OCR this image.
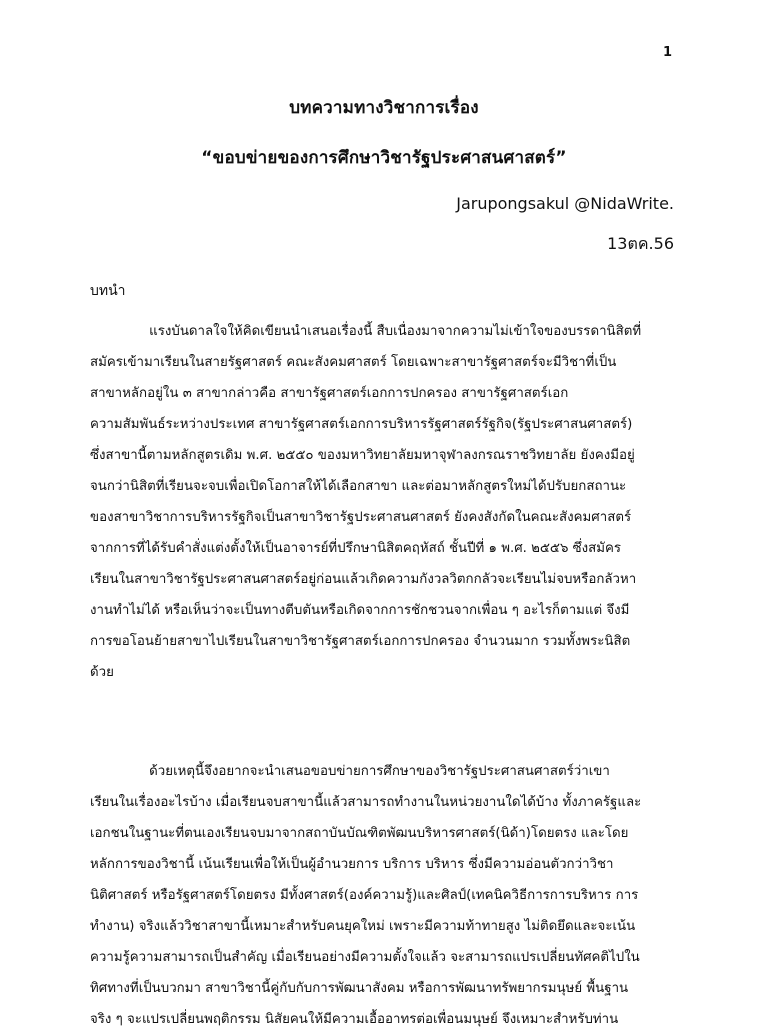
1
บทความทางวิชาการเรื่อง
“ขอบข่ายของการศึกษาวิชารัฐประศาสนศาสตร์”
Jarupongsakul @NidaWrite.
13ตค.56
บทนำ
แรงบันดาลใจให้คิดเขียนนำเสนอเรื่องนี้ สืบเนื่องมาจากความไม่เข้าใจของบรรดานิสิตที่
สมัครเข้ามาเรียนในสายรัฐศาสตร์ คณะสังคมศาสตร์ โดยเฉพาะสาขารัฐศาสตร์จะมีวิชาที่เป็น
สาขาหลักอยู่ใน ๓ สาขากล่าวคือ สาขารัฐศาสตร์เอกการปกครอง สาขารัฐศาสตร์เอก
ความสัมพันธ์ระหว่างประเทศ สาขารัฐศาสตร์เอกการบริหารรัฐศาสตร์รัฐกิจ(รัฐประศาสนศาสตร์)
ซึ่งสาขานี้ตามหลักสูตรเดิม พ.ศ. ๒๕๕๐ ของมหาวิทยาลัยมหาจุฬาลงกรณราชวิทยาลัย ยังคงมีอยู่
จนกว่านิสิตที่เรียนจะจบเพื่อเปิดโอกาสให้ได้เลือกสาขา และต่อมาหลักสูตรใหม่ได้ปรับยกสถานะ
ของสาขาวิชาการบริหารรัฐกิจเป็นสาขาวิชารัฐประศาสนศาสตร์ ยังคงสังกัดในคณะสังคมศาสตร์
จากการที่ได้รับคำสั่งแต่งตั้งให้เป็นอาจารย์ที่ปรึกษานิสิตคฤหัสถ์ ชั้นปีที่ ๑ พ.ศ. ๒๕๕๖ ซึ่งสมัคร
เรียนในสาขาวิชารัฐประศาสนศาสตร์อยู่ก่อนแล้วเกิดความกังวลวิตกกลัวจะเรียนไม่จบหรือกลัวหา
งานทำไม่ได้ หรือเห็นว่าจะเป็นทางตีบตันหรือเกิดจากการชักชวนจากเพื่อน ๆ อะไรก็ตามแต่ จึงมี
การขอโอนย้ายสาขาไปเรียนในสาขาวิชารัฐศาสตร์เอกการปกครอง จำนวนมาก รวมทั้งพระนิสิต
ด้วย
ด้วยเหตุนี้จึงอยากจะนำเสนอขอบข่ายการศึกษาของวิชารัฐประศาสนศาสตร์ว่าเขา
เรียนในเรื่องอะไรบ้าง เมื่อเรียนจบสาขานี้แล้วสามารถทำงานในหน่วยงานใดได้บ้าง ทั้งภาครัฐและ
เอกชนในฐานะที่ตนเองเรียนจบมาจากสถาบันบัณฑิตพัฒนบริหารศาสตร์(นิด้า)โดยตรง และโดย
หลักการของวิชานี้ เน้นเรียนเพื่อให้เป็นผู้อำนวยการ บริการ บริหาร ซึ่งมีความอ่อนตัวกว่าวิชา
นิติศาสตร์ หรือรัฐศาสตร์โดยตรง มีทั้งศาสตร์(องค์ความรู้)และศิลป์(เทคนิควิธีการการบริหาร การ
ทำงาน) จริงแล้ววิชาสาขานี้เหมาะสำหรับคนยุคใหม่ เพราะมีความท้าทายสูง ไม่ติดยึดและจะเน้น
ความรู้ความสามารถเป็นสำคัญ เมื่อเรียนอย่างมีความตั้งใจแล้ว จะสามารถแปรเปลี่ยนทัศคติไปใน
ทิศทางที่เป็นบวกมา สาขาวิชานี้คู่กับกับการพัฒนาสังคม หรือการพัฒนาทรัพยากรมนุษย์ พื้นฐาน
จริง ๆ จะแปรเปลี่ยนพฤติกรรม นิสัยคนให้มีความเอื้ออาทรต่อเพื่อนมนุษย์ จึงเหมาะสำหรับท่าน
